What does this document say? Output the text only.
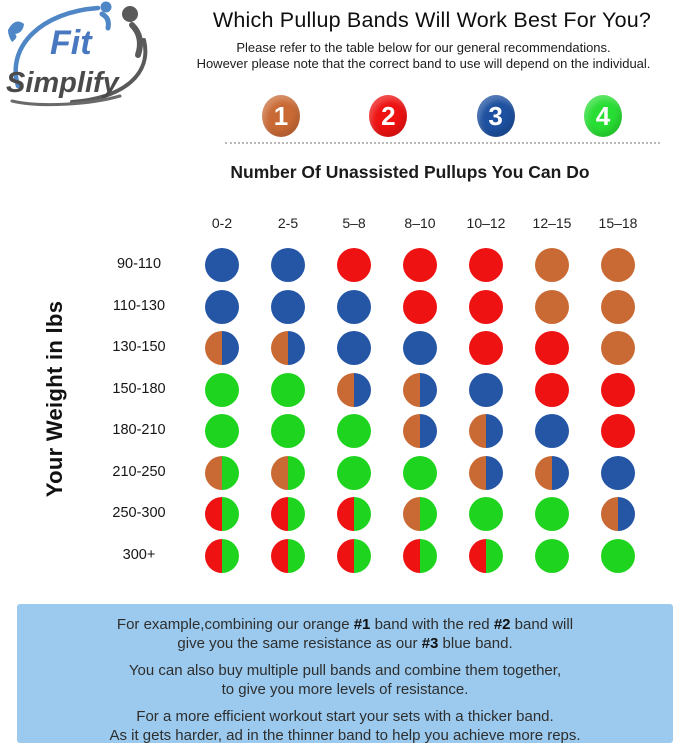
Fit
Simplify
Which Pullup Bands Will Work Best For You?
Please refer to the table below for our general recommendations.
However please note that the correct band to use will depend on the individual.
1	2	3	4
Number Of Unassisted Pullups You Can Do
0-2	2-5	5–8	8–10	10–12	12–15	15–18
Your Weight in lbs
90-110
110-130
130-150
150-180
180-210
210-250
250-300
300+
For example,combining our orange #1 band with the red #2 band will
give you the same resistance as our #3 blue band.
You can also buy multiple pull bands and combine them together,
to give you more levels of resistance.
For a more efficient workout start your sets with a thicker band.
As it gets harder, ad in the thinner band to help you achieve more reps.
